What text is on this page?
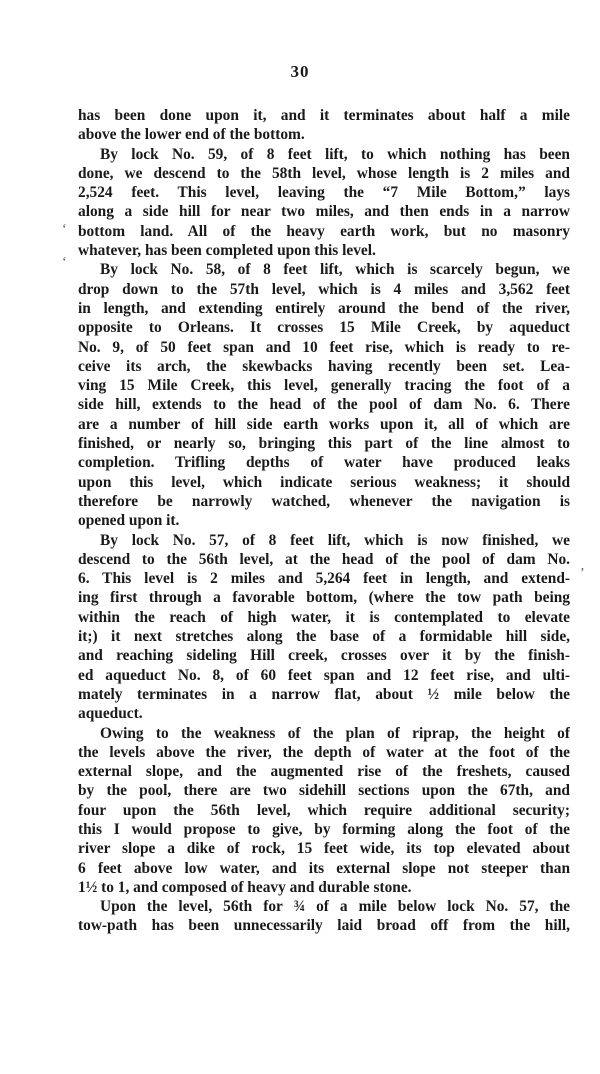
30
has been done upon it, and it terminates about half a mile
above the lower end of the bottom.
By lock No. 59, of 8 feet lift, to which nothing has been
done, we descend to the 58th level, whose length is 2 miles and
2,524 feet. This level, leaving the “7 Mile Bottom,” lays
along a side hill for near two miles, and then ends in a narrow
bottom land. All of the heavy earth work, but no masonry
whatever, has been completed upon this level.
By lock No. 58, of 8 feet lift, which is scarcely begun, we
drop down to the 57th level, which is 4 miles and 3,562 feet
in length, and extending entirely around the bend of the river,
opposite to Orleans. It crosses 15 Mile Creek, by aqueduct
No. 9, of 50 feet span and 10 feet rise, which is ready to re-
ceive its arch, the skewbacks having recently been set. Lea-
ving 15 Mile Creek, this level, generally tracing the foot of a
side hill, extends to the head of the pool of dam No. 6. There
are a number of hill side earth works upon it, all of which are
finished, or nearly so, bringing this part of the line almost to
completion. Trifling depths of water have produced leaks
upon this level, which indicate serious weakness; it should
therefore be narrowly watched, whenever the navigation is
opened upon it.
By lock No. 57, of 8 feet lift, which is now finished, we
descend to the 56th level, at the head of the pool of dam No.
6. This level is 2 miles and 5,264 feet in length, and extend-
ing first through a favorable bottom, (where the tow path being
within the reach of high water, it is contemplated to elevate
it;) it next stretches along the base of a formidable hill side,
and reaching sideling Hill creek, crosses over it by the finish-
ed aqueduct No. 8, of 60 feet span and 12 feet rise, and ulti-
mately terminates in a narrow flat, about ½ mile below the
aqueduct.
Owing to the weakness of the plan of riprap, the height of
the levels above the river, the depth of water at the foot of the
external slope, and the augmented rise of the freshets, caused
by the pool, there are two sidehill sections upon the 67th, and
four upon the 56th level, which require additional security;
this I would propose to give, by forming along the foot of the
river slope a dike of rock, 15 feet wide, its top elevated about
6 feet above low water, and its external slope not steeper than
1½ to 1, and composed of heavy and durable stone.
Upon the level, 56th for ¾ of a mile below lock No. 57, the
tow-path has been unnecessarily laid broad off from the hill,
‘
‘
’
